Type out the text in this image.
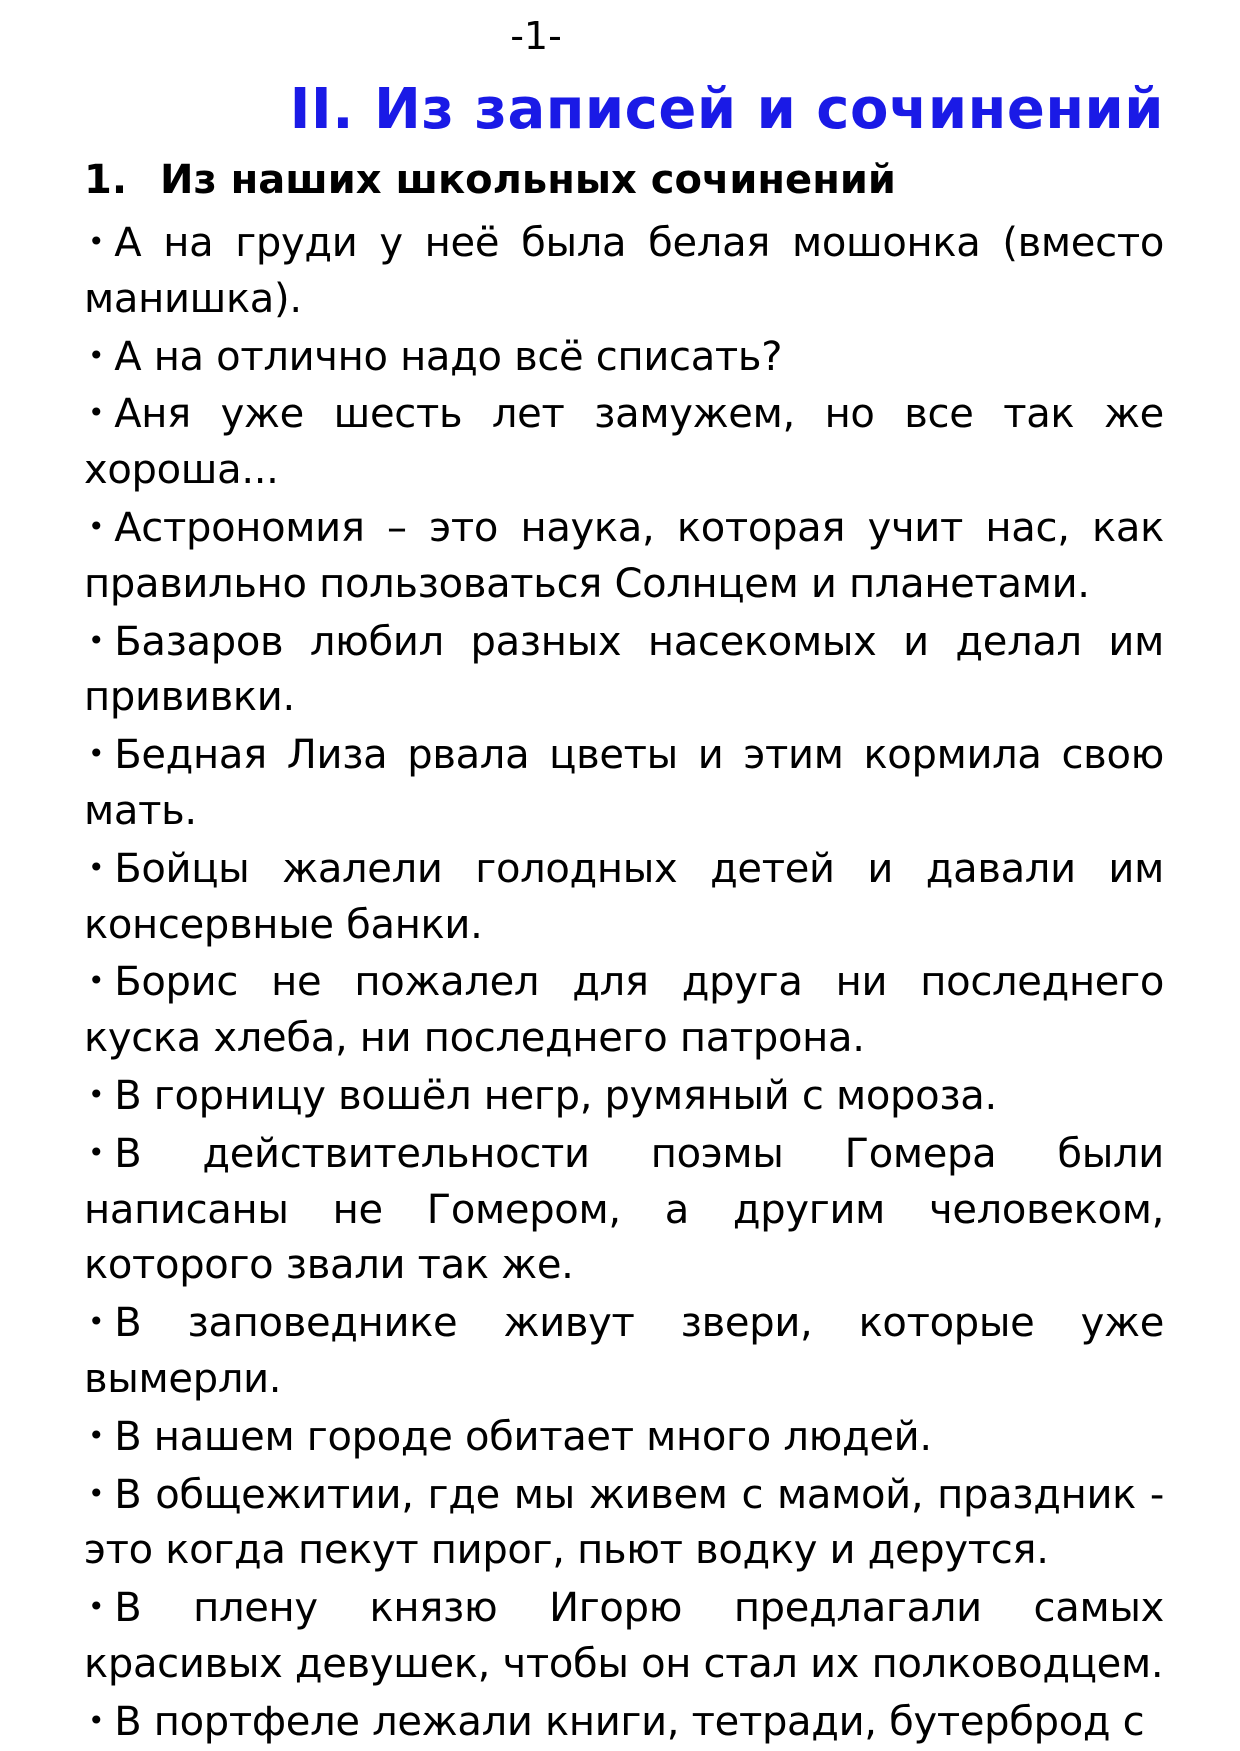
-1-
II. Из записей и сочинений
1. Из наших школьных сочинений

• А на груди у неё была белая мошонка (вместо манишка).

• А на отлично надо всё списать?

• Аня уже шесть лет замужем, но все так же хороша...

• Астрономия – это наука, которая учит нас, как правильно пользоваться Солнцем и планетами.

• Базаров любил разных насекомых и делал им прививки.

• Бедная Лиза рвала цветы и этим кормила свою мать.

• Бойцы жалели голодных детей и давали им консервные банки.

• Борис не пожалел для друга ни последнего куска хлеба, ни последнего патрона.

• В горницу вошёл негр, румяный с мороза.

• В действительности поэмы Гомера были написаны не Гомером, а другим человеком, которого звали так же.

• В заповеднике живут звери, которые уже вымерли.

• В нашем городе обитает много людей.

• В общежитии, где мы живем с мамой, праздник - это когда пекут пирог, пьют водку и дерутся.

• В плену князю Игорю предлагали самых красивых девушек, чтобы он стал их полководцем.

• В портфеле лежали книги, тетради, бутерброд с
